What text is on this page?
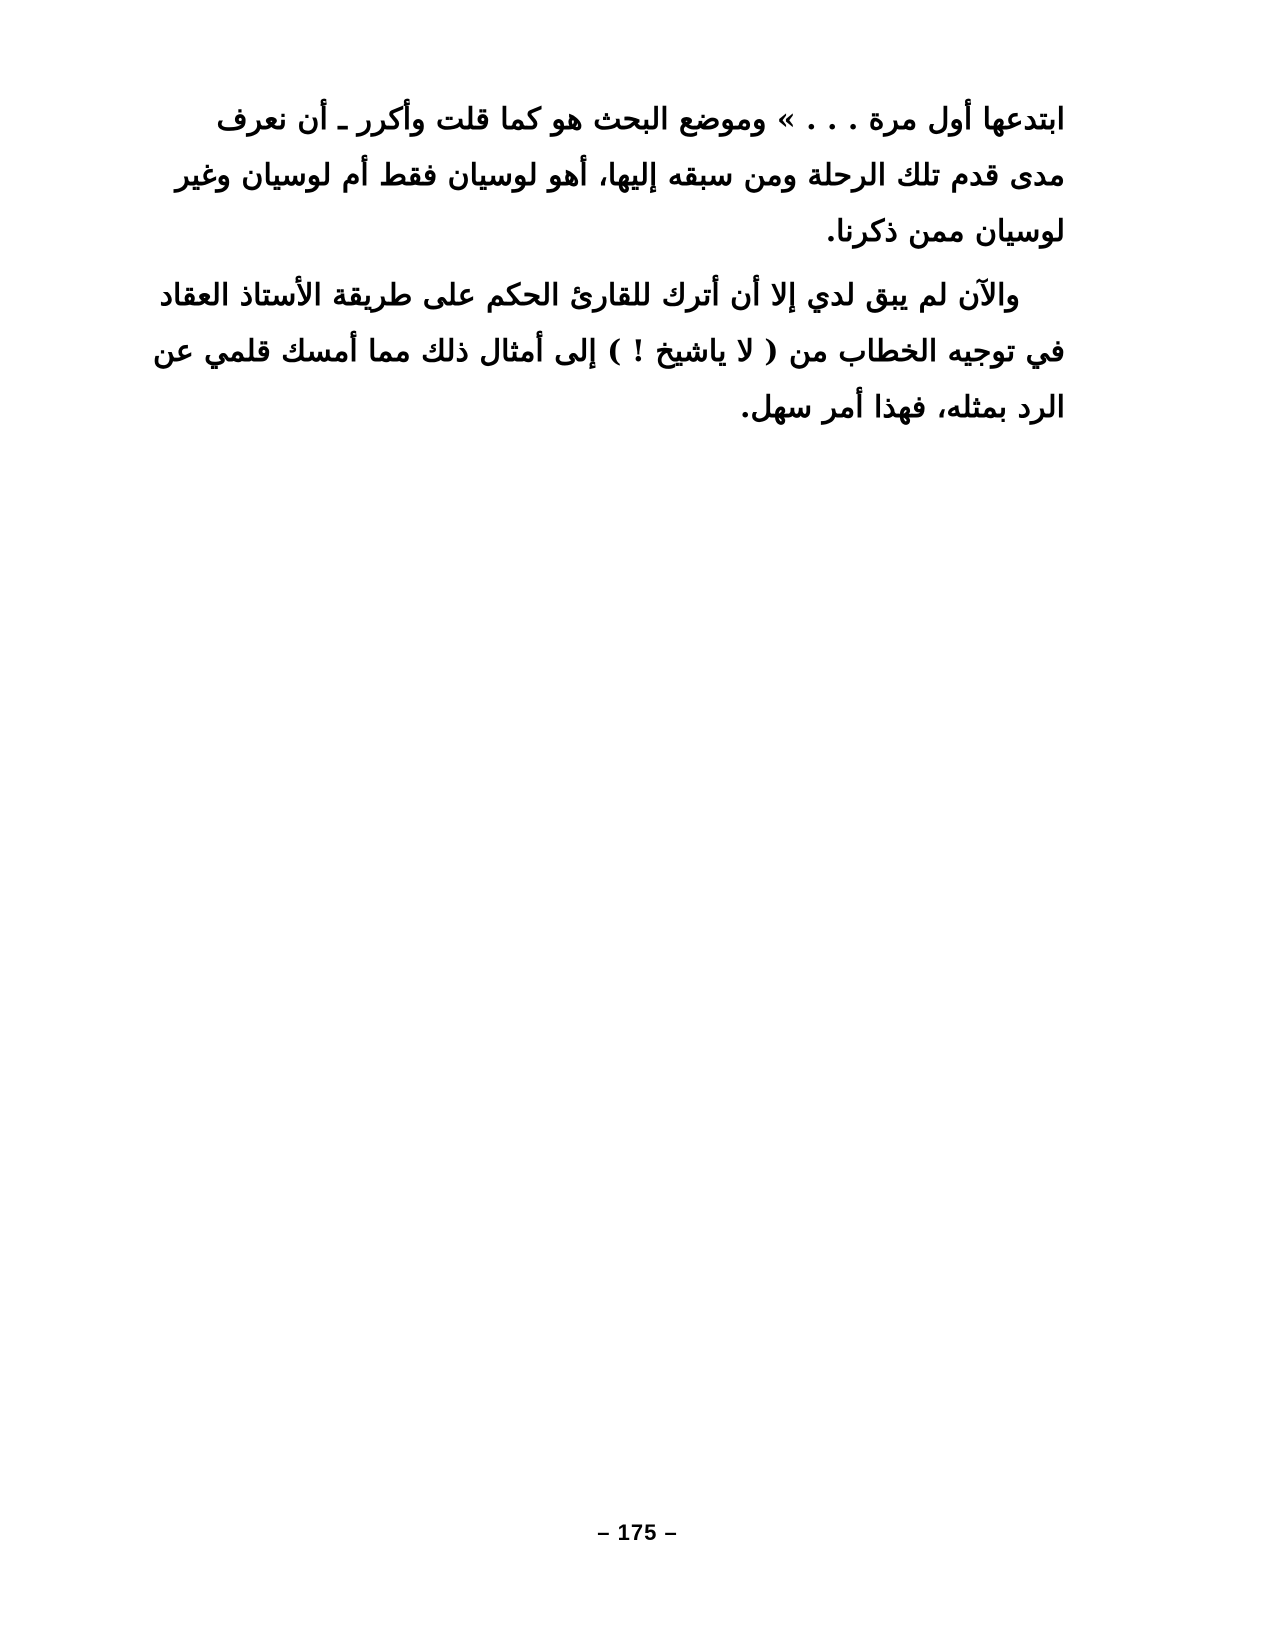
ابتدعها أول مرة . . . » وموضع البحث هو كما قلت وأكرر ـ أن نعرف
مدى قدم تلك الرحلة ومن سبقه إليها، أهو لوسيان فقط أم لوسيان وغير
لوسيان ممن ذكرنا.
والآن لم يبق لدي إلا أن أترك للقارئ الحكم على طريقة الأستاذ العقاد
في توجيه الخطاب من ( لا ياشيخ ! ) إلى أمثال ذلك مما أمسك قلمي عن
الرد بمثله، فهذا أمر سهل.
– 175 –
